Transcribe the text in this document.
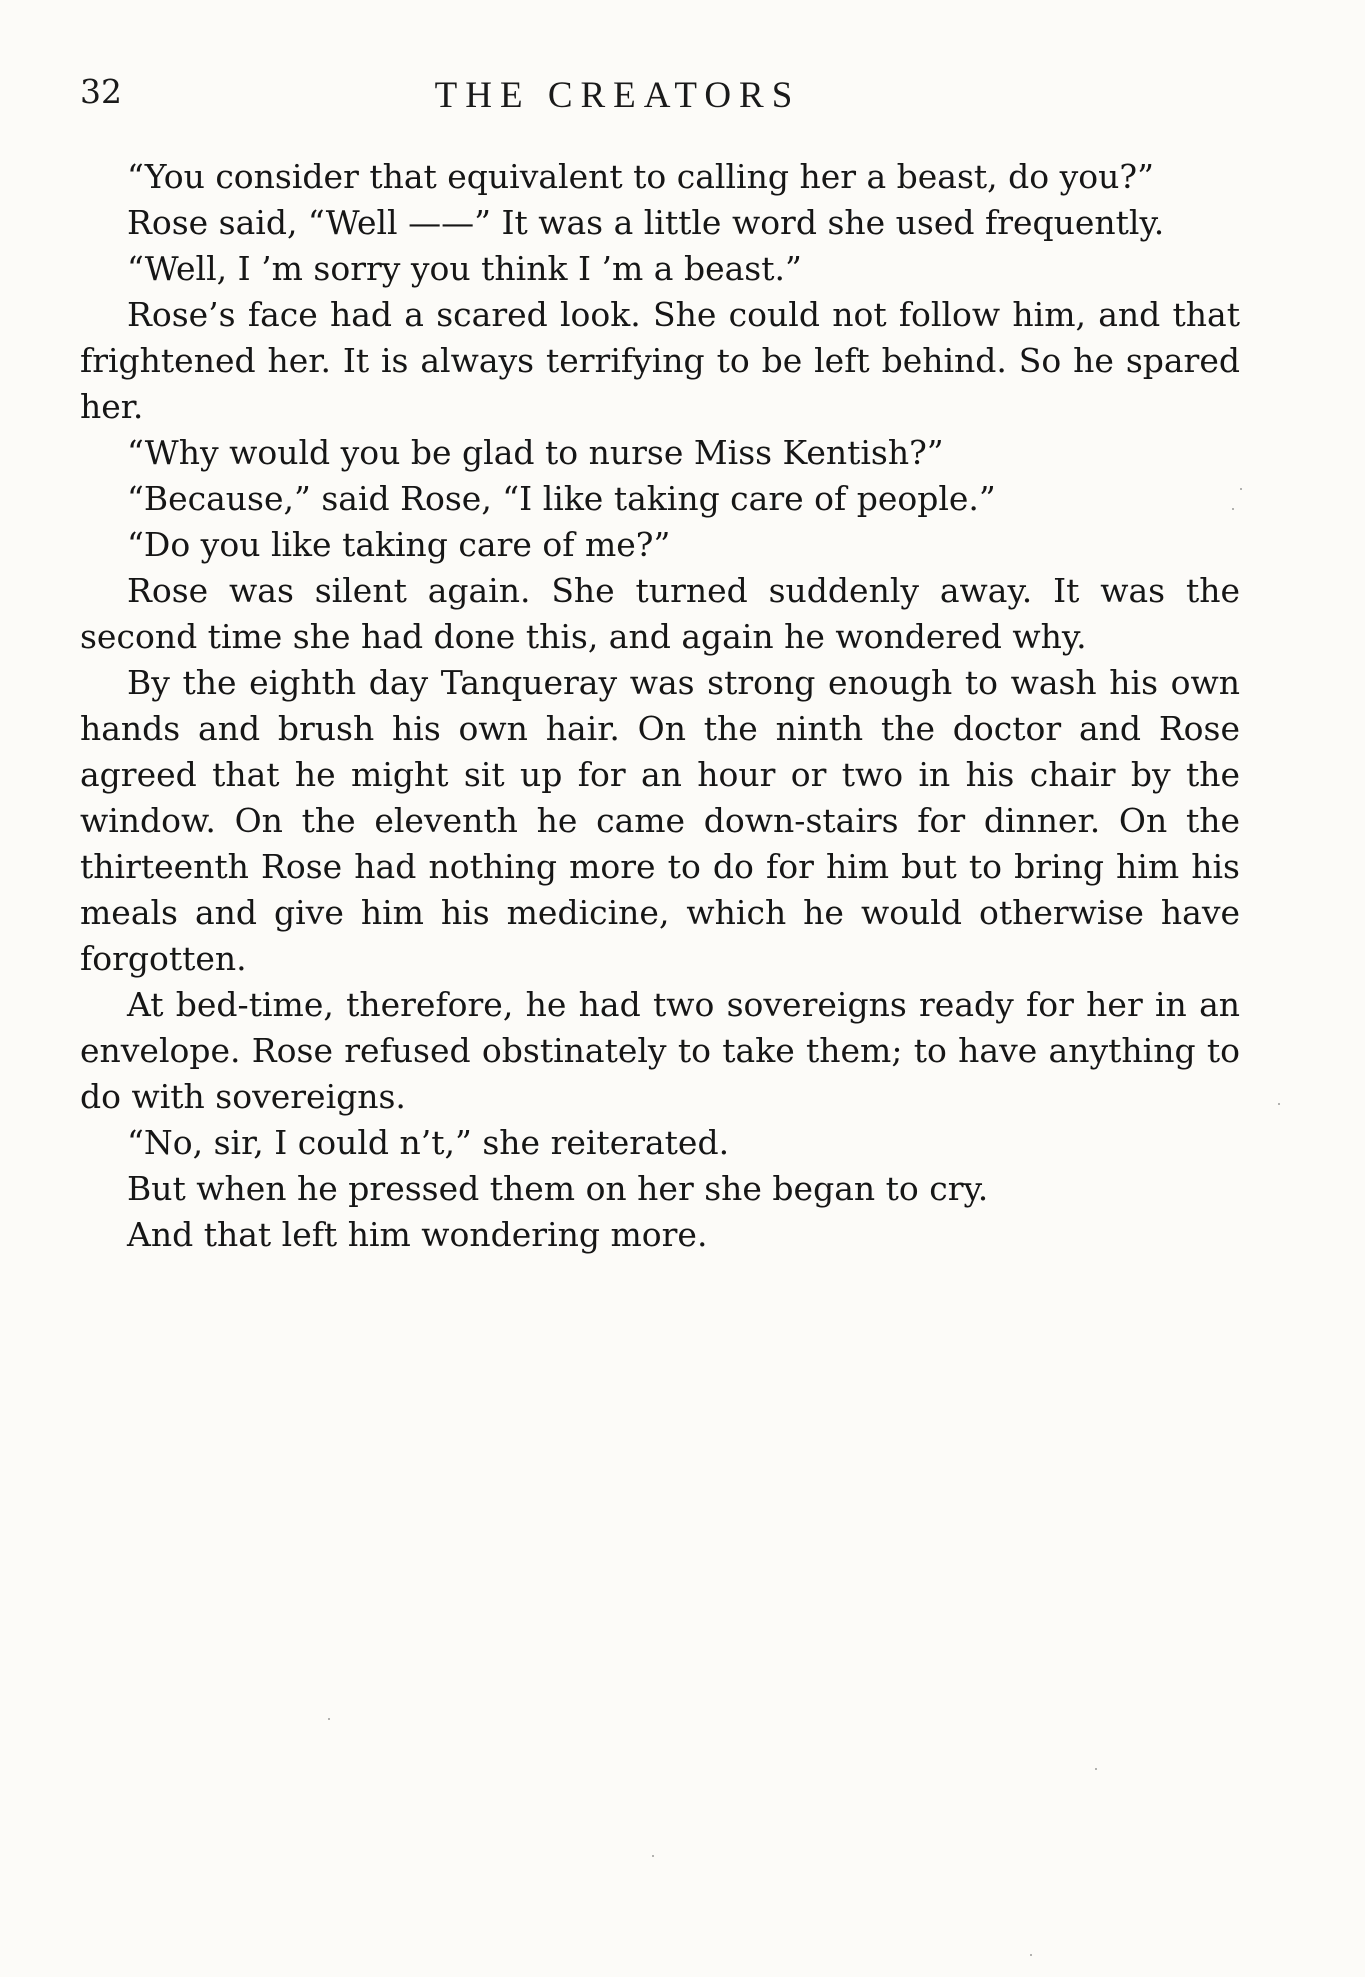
32	THE CREATORS

“You consider that equivalent to calling her a beast, do you?”

Rose said, “Well ——” It was a little word she used frequently.

“Well, I ’m sorry you think I ’m a beast.”

Rose’s face had a scared look. She could not follow him, and that frightened her. It is always terrifying to be left behind. So he spared her.

“Why would you be glad to nurse Miss Kentish?”

“Because,” said Rose, “I like taking care of people.”

“Do you like taking care of me?”

Rose was silent again. She turned suddenly away. It was the second time she had done this, and again he wondered why.

By the eighth day Tanqueray was strong enough to wash his own hands and brush his own hair. On the ninth the doctor and Rose agreed that he might sit up for an hour or two in his chair by the window. On the eleventh he came down-stairs for dinner. On the thirteenth Rose had nothing more to do for him but to bring him his meals and give him his medicine, which he would otherwise have forgotten.

At bed-time, therefore, he had two sovereigns ready for her in an envelope. Rose refused obstinately to take them; to have anything to do with sovereigns.

“No, sir, I could n’t,” she reiterated.

But when he pressed them on her she began to cry.

And that left him wondering more.
